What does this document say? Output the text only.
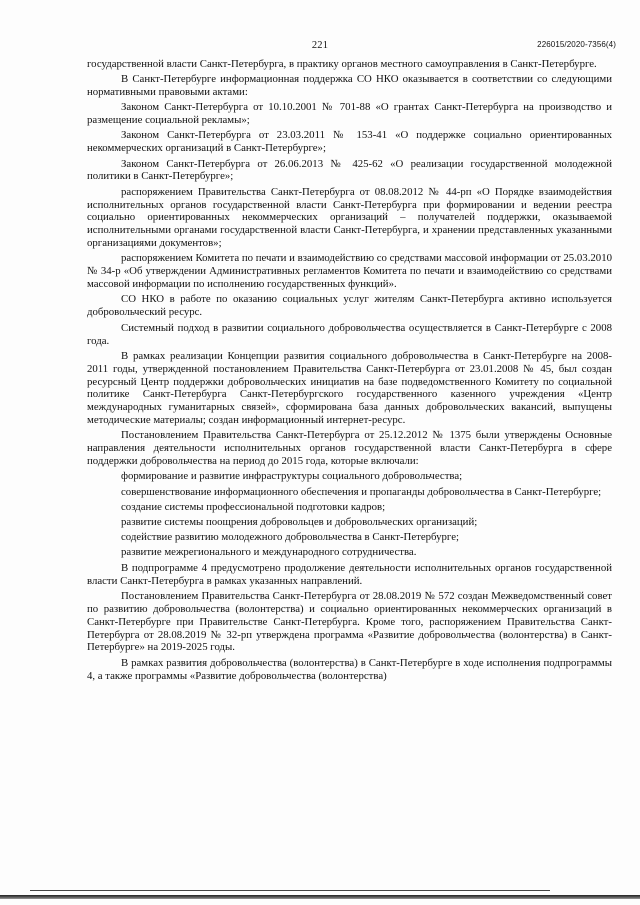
221	226015/2020-7356(4)

государственной власти Санкт-Петербурга, в практику органов местного самоуправления в Санкт-Петербурге.

В Санкт-Петербурге информационная поддержка СО НКО оказывается в соответствии со следующими нормативными правовыми актами:

Законом Санкт-Петербурга от 10.10.2001 № 701-88 «О грантах Санкт-Петербурга на производство и размещение социальной рекламы»;

Законом Санкт-Петербурга от 23.03.2011 № 153-41 «О поддержке социально ориентированных некоммерческих организаций в Санкт-Петербурге»;

Законом Санкт-Петербурга от 26.06.2013 № 425-62 «О реализации государственной молодежной политики в Санкт-Петербурге»;

распоряжением Правительства Санкт-Петербурга от 08.08.2012 № 44-рп «О Порядке взаимодействия исполнительных органов государственной власти Санкт-Петербурга при формировании и ведении реестра социально ориентированных некоммерческих организаций – получателей поддержки, оказываемой исполнительными органами государственной власти Санкт-Петербурга, и хранении представленных указанными организациями документов»;

распоряжением Комитета по печати и взаимодействию со средствами массовой информации от 25.03.2010 № 34-р «Об утверждении Административных регламентов Комитета по печати и взаимодействию со средствами массовой информации по исполнению государственных функций».

СО НКО в работе по оказанию социальных услуг жителям Санкт-Петербурга активно используется добровольческий ресурс.

Системный подход в развитии социального добровольчества осуществляется в Санкт-Петербурге с 2008 года.

В рамках реализации Концепции развития социального добровольчества в Санкт-Петербурге на 2008-2011 годы, утвержденной постановлением Правительства Санкт-Петербурга от 23.01.2008 № 45, был создан ресурсный Центр поддержки добровольческих инициатив на базе подведомственного Комитету по социальной политике Санкт-Петербурга Санкт-Петербургского государственного казенного учреждения «Центр международных гуманитарных связей», сформирована база данных добровольческих вакансий, выпущены методические материалы; создан информационный интернет-ресурс.

Постановлением Правительства Санкт-Петербурга от 25.12.2012 № 1375 были утверждены Основные направления деятельности исполнительных органов государственной власти Санкт-Петербурга в сфере поддержки добровольчества на период до 2015 года, которые включали:

формирование и развитие инфраструктуры социального добровольчества;

совершенствование информационного обеспечения и пропаганды добровольчества в Санкт-Петербурге;

создание системы профессиональной подготовки кадров;

развитие системы поощрения добровольцев и добровольческих организаций;

содействие развитию молодежного добровольчества в Санкт-Петербурге;

развитие межрегионального и международного сотрудничества.

В подпрограмме 4 предусмотрено продолжение деятельности исполнительных органов государственной власти Санкт-Петербурга в рамках указанных направлений.

Постановлением Правительства Санкт-Петербурга от 28.08.2019 № 572 создан Межведомственный совет по развитию добровольчества (волонтерства) и социально ориентированных некоммерческих организаций в Санкт-Петербурге при Правительстве Санкт-Петербурга. Кроме того, распоряжением Правительства Санкт-Петербурга от 28.08.2019 № 32-рп утверждена программа «Развитие добровольчества (волонтерства) в Санкт-Петербурге» на 2019-2025 годы.

В рамках развития добровольчества (волонтерства) в Санкт-Петербурге в ходе исполнения подпрограммы 4, а также программы «Развитие добровольчества (волонтерства)
